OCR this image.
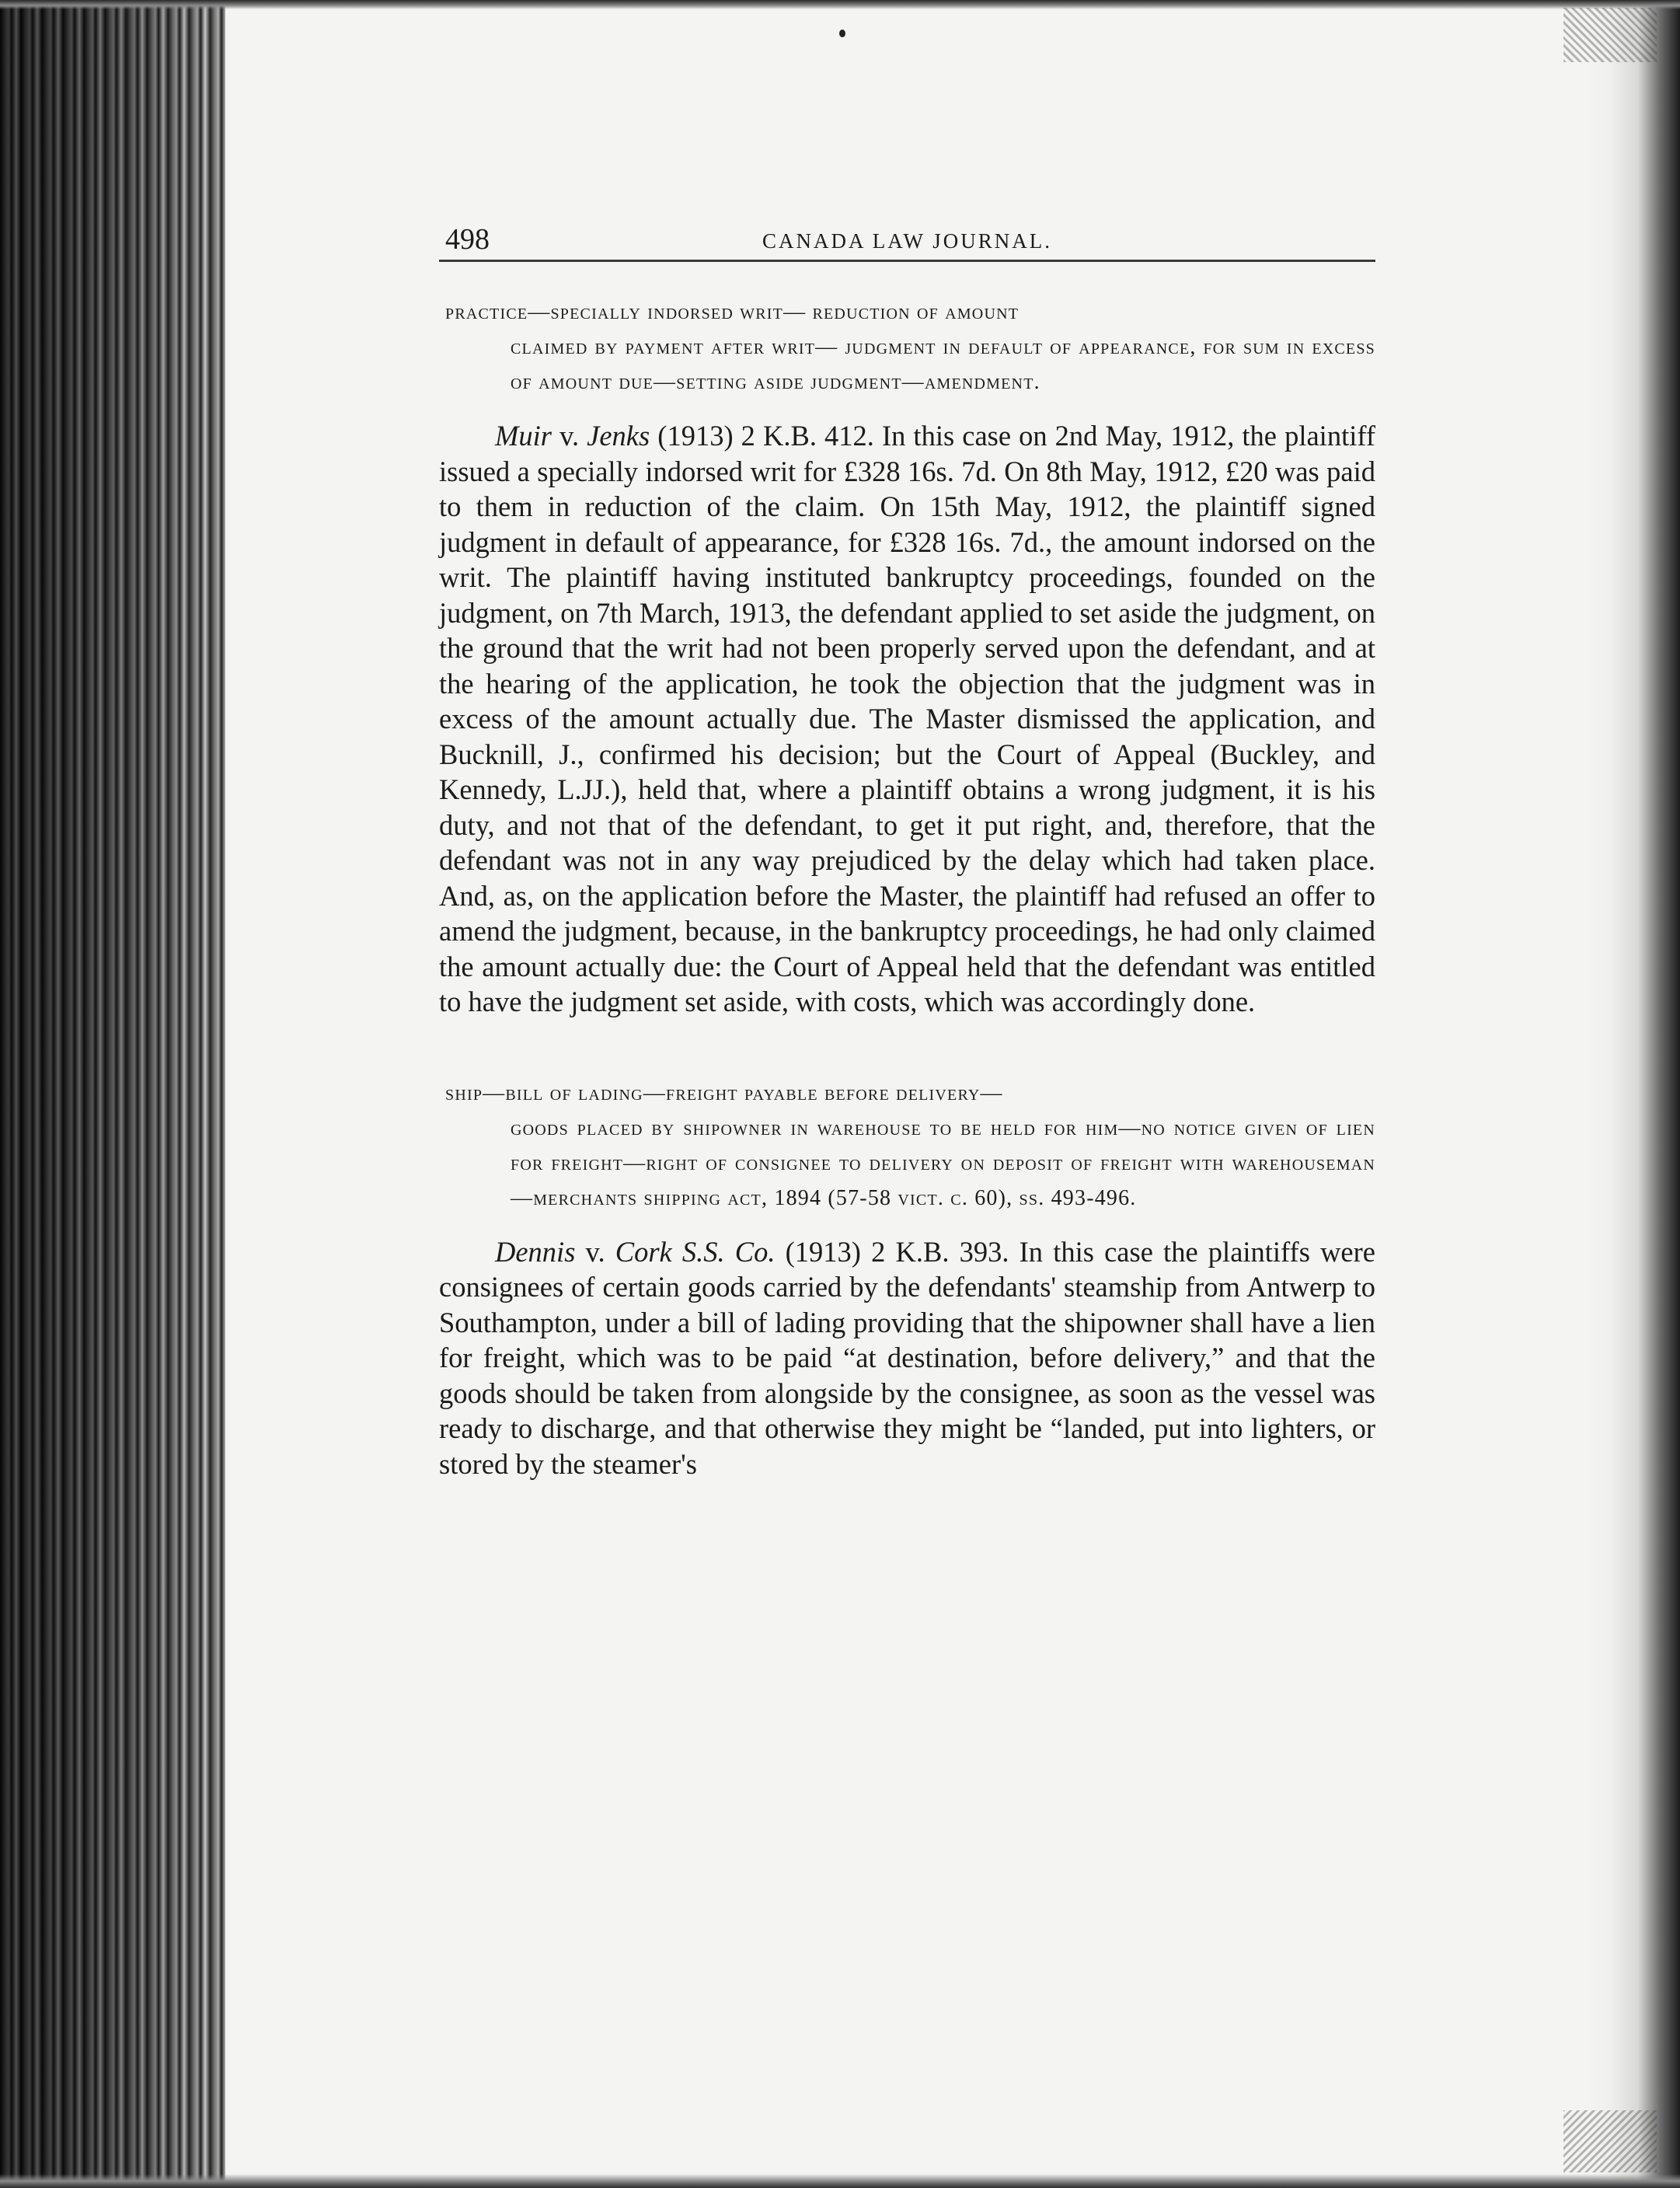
498	CANADA LAW JOURNAL.
practice—specially indorsed writ— reduction of amount
claimed by payment after writ— judgment in default of appearance, for sum in excess of amount due—setting aside judgment—amendment.

Muir v. Jenks (1913) 2 K.B. 412. In this case on 2nd May, 1912, the plaintiff issued a specially indorsed writ for £328 16s. 7d. On 8th May, 1912, £20 was paid to them in reduction of the claim. On 15th May, 1912, the plaintiff signed judgment in default of appearance, for £328 16s. 7d., the amount indorsed on the writ. The plaintiff having instituted bankruptcy proceedings, founded on the judgment, on 7th March, 1913, the defendant applied to set aside the judgment, on the ground that the writ had not been properly served upon the defendant, and at the hearing of the application, he took the objection that the judgment was in excess of the amount actually due. The Master dismissed the application, and Bucknill, J., confirmed his decision; but the Court of Appeal (Buckley, and Kennedy, L.JJ.), held that, where a plaintiff obtains a wrong judgment, it is his duty, and not that of the defendant, to get it put right, and, therefore, that the defendant was not in any way prejudiced by the delay which had taken place. And, as, on the application before the Master, the plaintiff had refused an offer to amend the judgment, because, in the bankruptcy proceedings, he had only claimed the amount actually due: the Court of Appeal held that the defendant was entitled to have the judgment set aside, with costs, which was accordingly done.

ship—bill of lading—freight payable before delivery—
goods placed by shipowner in warehouse to be held for him—no notice given of lien for freight—right of consignee to delivery on deposit of freight with warehouseman—merchants shipping act, 1894 (57-58 vict. c. 60), ss. 493-496.

Dennis v. Cork S.S. Co. (1913) 2 K.B. 393. In this case the plaintiffs were consignees of certain goods carried by the defendants' steamship from Antwerp to Southampton, under a bill of lading providing that the shipowner shall have a lien for freight, which was to be paid “at destination, before delivery,” and that the goods should be taken from alongside by the consignee, as soon as the vessel was ready to discharge, and that otherwise they might be “landed, put into lighters, or stored by the steamer's
